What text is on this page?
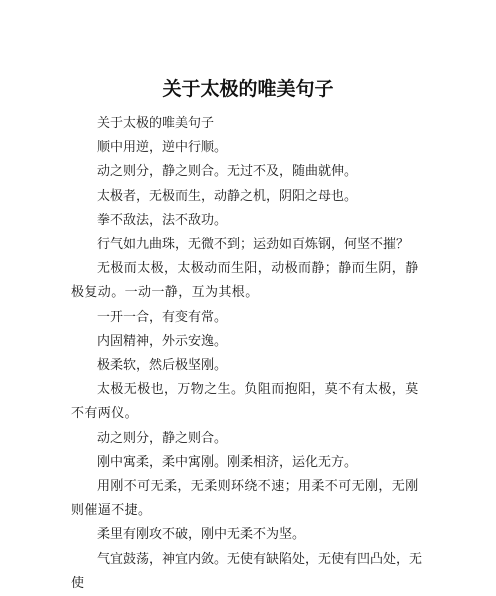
关于太极的唯美句子

关于太极的唯美句子

顺中用逆，逆中行顺。

动之则分，静之则合。无过不及，随曲就伸。

太极者，无极而生，动静之机，阴阳之母也。

拳不敌法，法不敌功。

行气如九曲珠，无微不到；运劲如百炼钢，何坚不摧？

无极而太极，太极动而生阳，动极而静；静而生阴，静极复动。一动一静，互为其根。

一开一合，有变有常。

内固精神，外示安逸。

极柔软，然后极坚刚。

太极无极也，万物之生。负阻而抱阳，莫不有太极，莫不有两仪。

动之则分，静之则合。

刚中寓柔，柔中寓刚。刚柔相济，运化无方。

用刚不可无柔，无柔则环绕不速；用柔不可无刚，无刚则催逼不捷。

柔里有刚攻不破，刚中无柔不为坚。

气宜鼓荡，神宜内敛。无使有缺陷处，无使有凹凸处，无使
